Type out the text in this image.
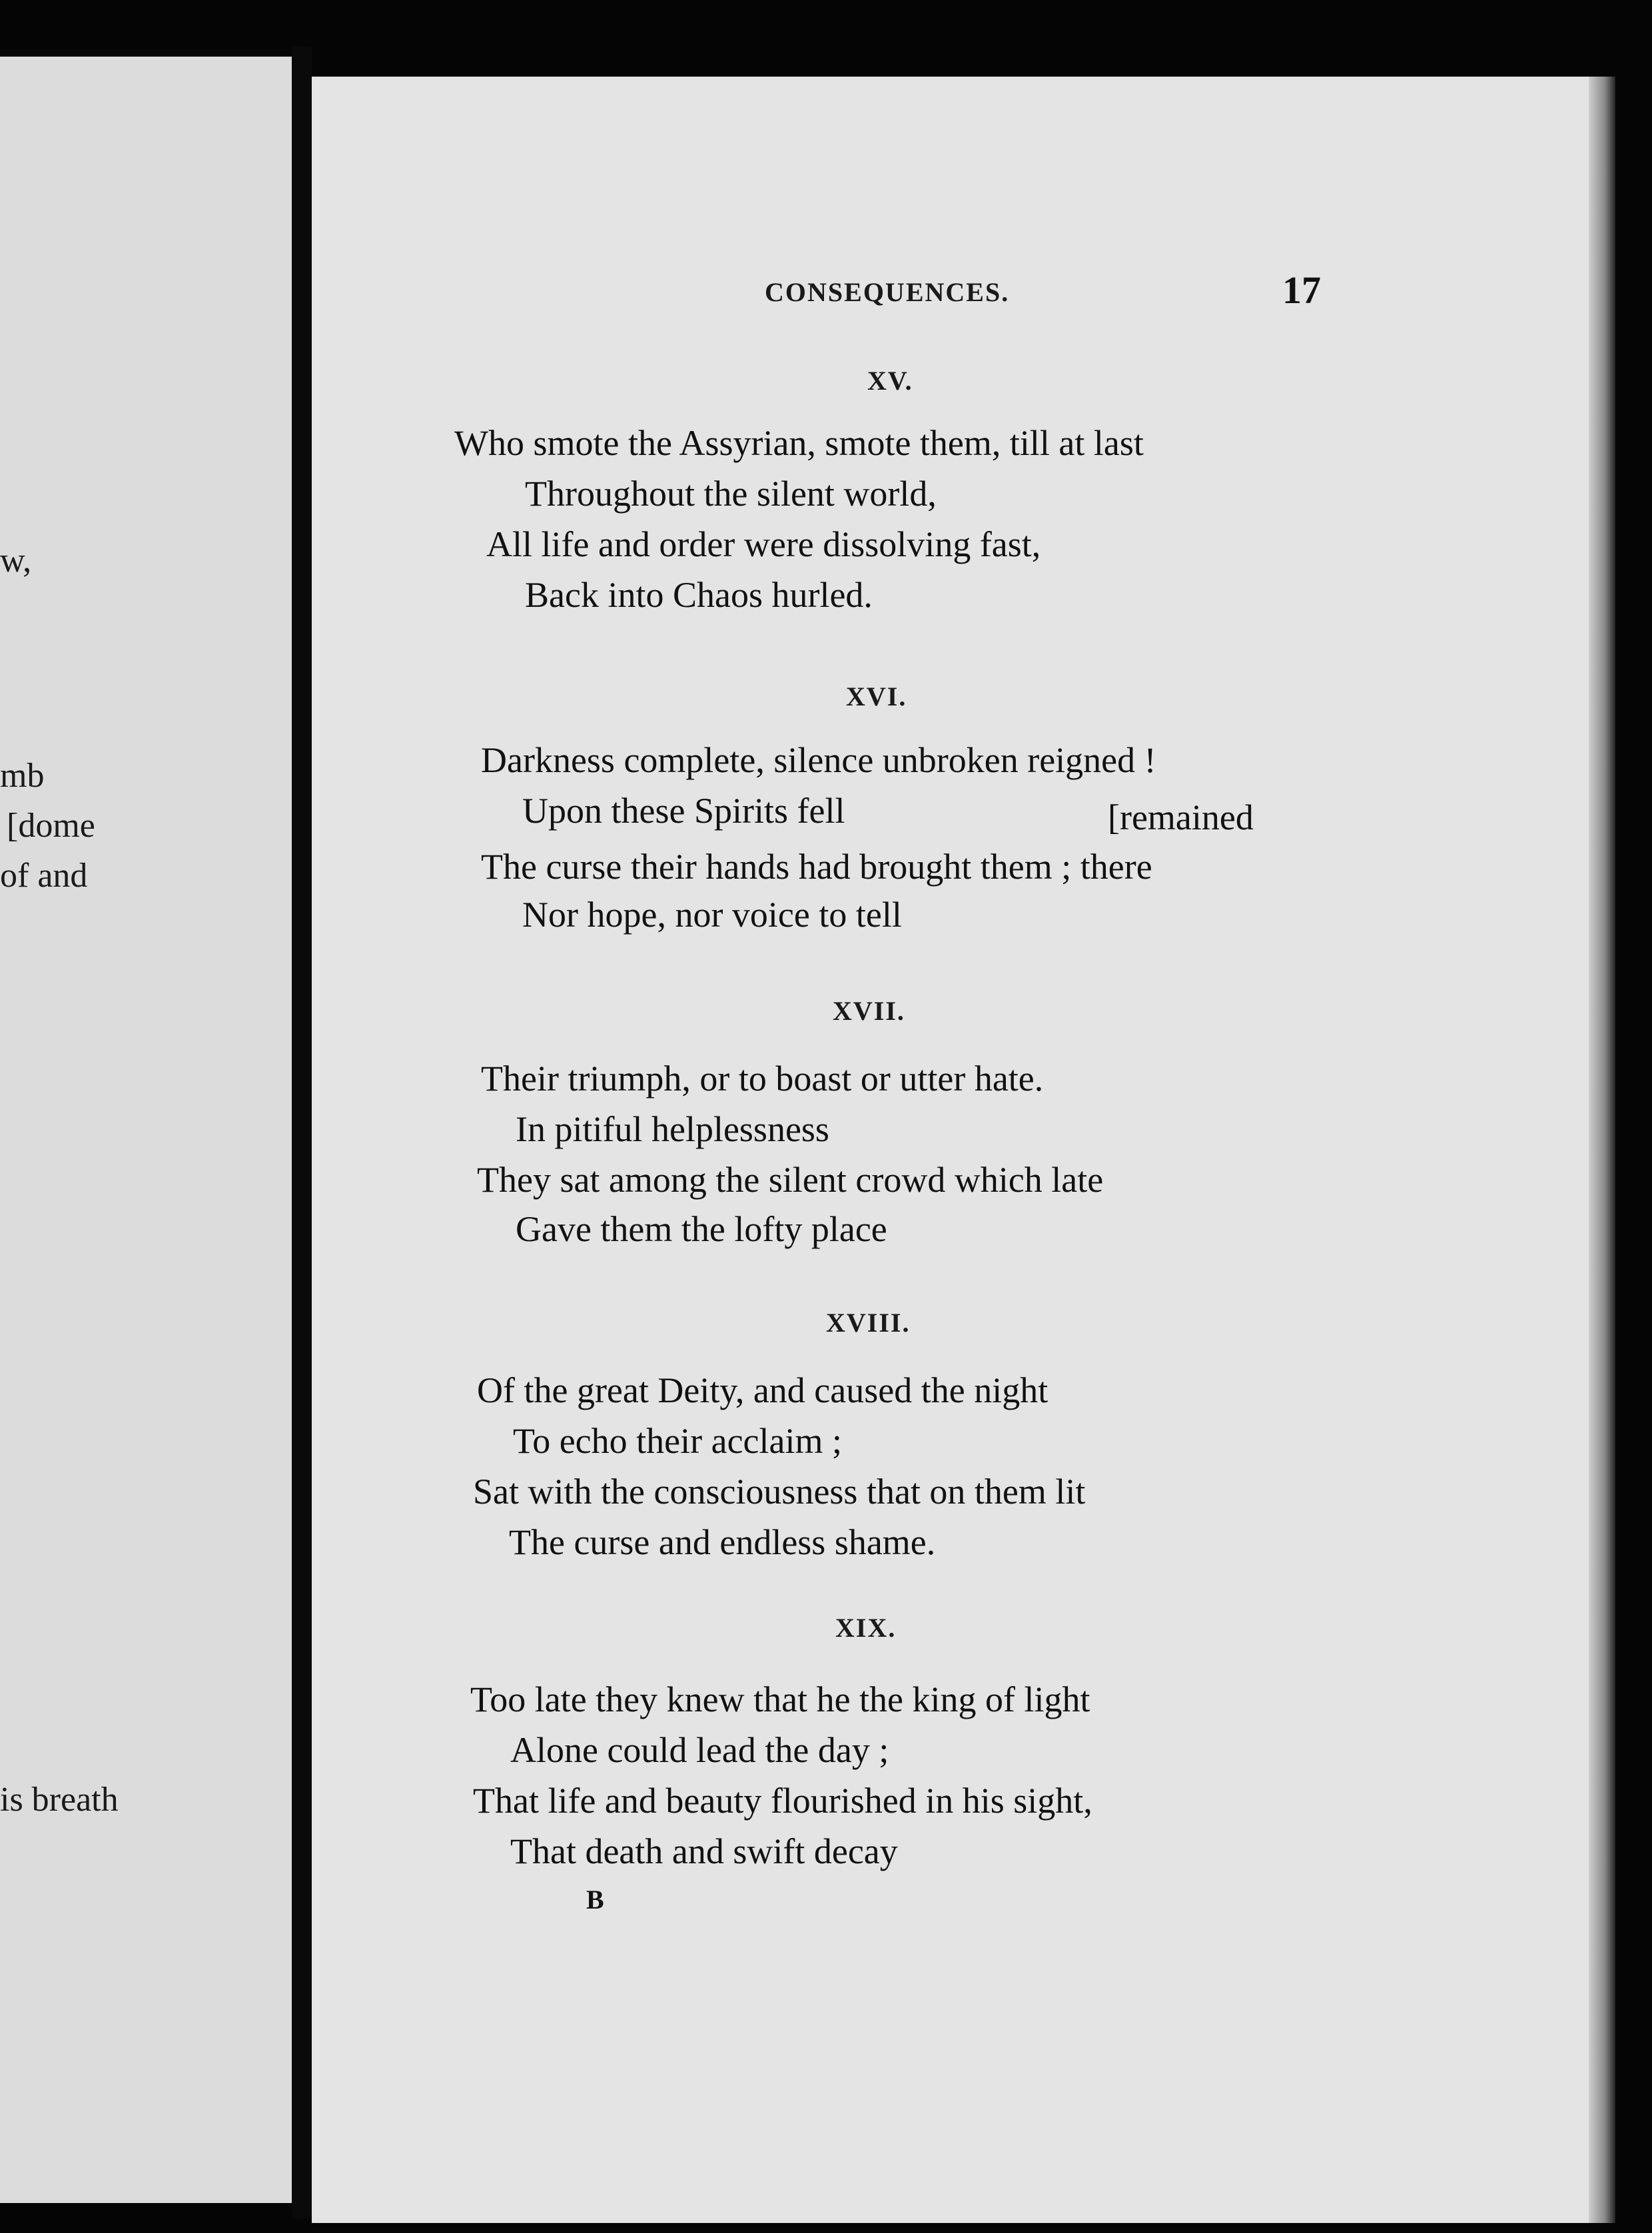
w,
mb
[dome
of and
is breath
CONSEQUENCES.	17
XV.
Who smote the Assyrian, smote them, till at last
Throughout the silent world,
All life and order were dissolving fast,
Back into Chaos hurled.
XVI.
Darkness complete, silence unbroken reigned !
Upon these Spirits fell	[remained
The curse their hands had brought them ; there
Nor hope, nor voice to tell
XVII.
Their triumph, or to boast or utter hate.
In pitiful helplessness
They sat among the silent crowd which late
Gave them the lofty place
XVIII.
Of the great Deity, and caused the night
To echo their acclaim ;
Sat with the consciousness that on them lit
The curse and endless shame.
XIX.
Too late they knew that he the king of light
Alone could lead the day ;
That life and beauty flourished in his sight,
That death and swift decay
B
